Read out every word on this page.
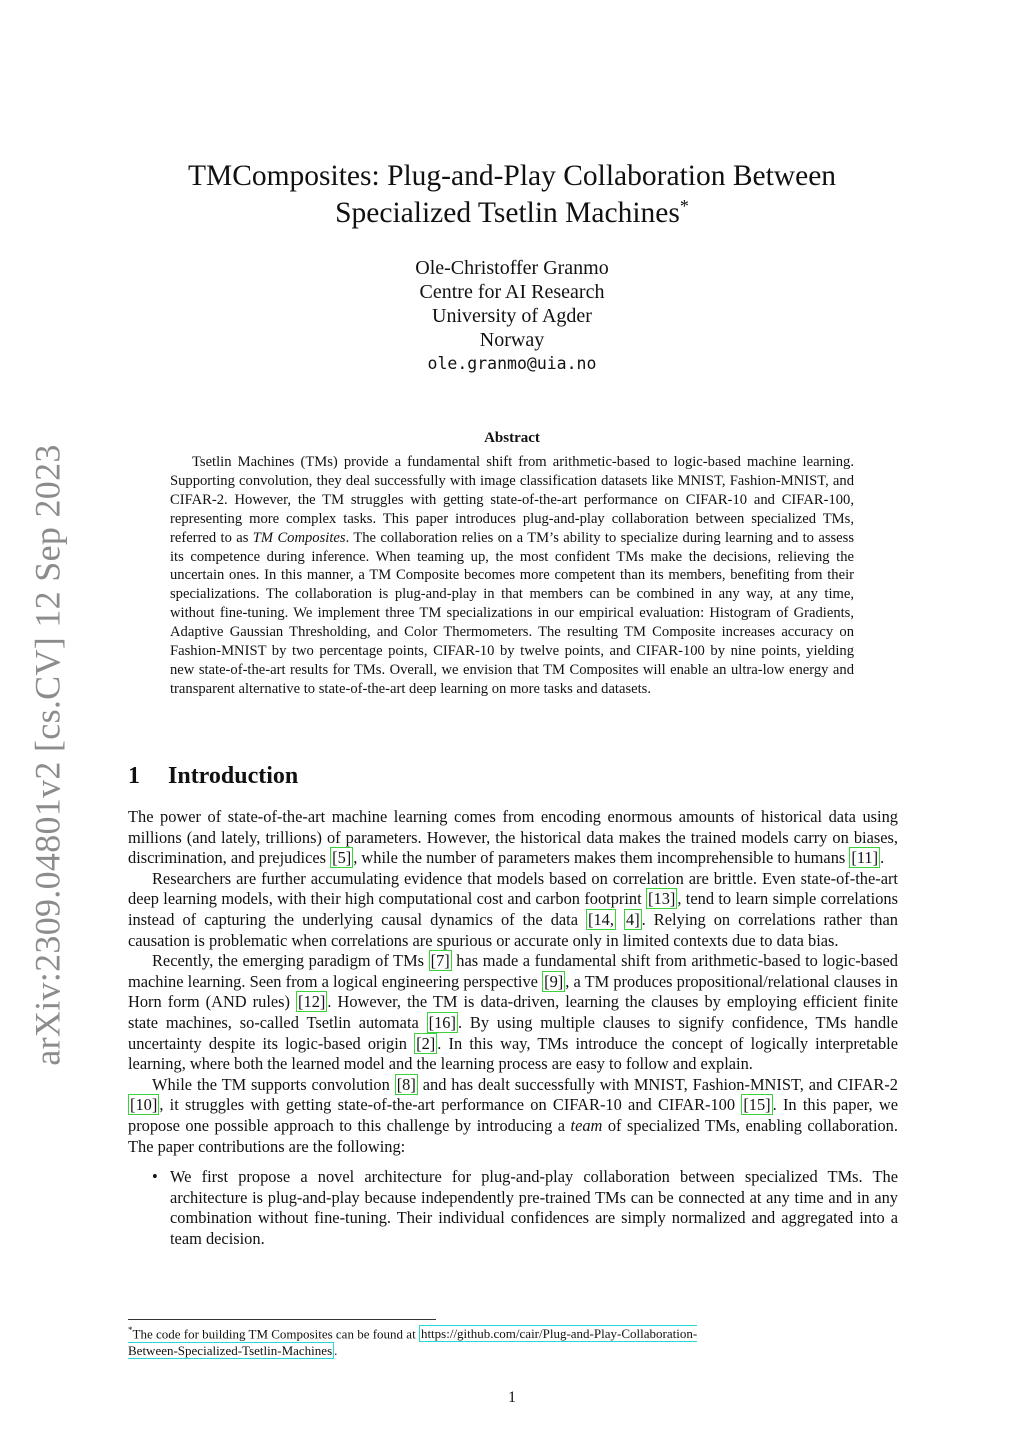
arXiv:2309.04801v2 [cs.CV] 12 Sep 2023
TMComposites: Plug-and-Play Collaboration Between
Specialized Tsetlin Machines*
Ole-Christoffer Granmo
Centre for AI Research
University of Agder
Norway
ole.granmo@uia.no
Abstract

Tsetlin Machines (TMs) provide a fundamental shift from arithmetic-based to logic-based machine learning. Supporting convolution, they deal successfully with image classification datasets like MNIST, Fashion-MNIST, and CIFAR-2. However, the TM struggles with getting state-of-the-art performance on CIFAR-10 and CIFAR-100, representing more complex tasks. This paper introduces plug-and-play collaboration between specialized TMs, referred to as TM Composites. The collaboration relies on a TM’s ability to specialize during learning and to assess its competence during inference. When teaming up, the most confident TMs make the decisions, relieving the uncertain ones. In this manner, a TM Composite becomes more competent than its members, benefiting from their specializations. The collaboration is plug-and-play in that members can be combined in any way, at any time, without fine-tuning. We implement three TM specializations in our empirical evaluation: Histogram of Gradients, Adaptive Gaussian Thresholding, and Color Thermometers. The resulting TM Composite increases accuracy on Fashion-MNIST by two percentage points, CIFAR-10 by twelve points, and CIFAR-100 by nine points, yielding new state-of-the-art results for TMs. Overall, we envision that TM Composites will enable an ultra-low energy and transparent alternative to state-of-the-art deep learning on more tasks and datasets.

1 Introduction

The power of state-of-the-art machine learning comes from encoding enormous amounts of historical data using millions (and lately, trillions) of parameters. However, the historical data makes the trained models carry on biases, discrimination, and prejudices [5] , while the number of parameters makes them incomprehensible to humans [11] .

Researchers are further accumulating evidence that models based on correlation are brittle. Even state-of-the-art deep learning models, with their high computational cost and carbon footprint [13] , tend to learn simple correlations instead of capturing the underlying causal dynamics of the data [14, 4] . Relying on correlations rather than causation is problematic when correlations are spurious or accurate only in limited contexts due to data bias.

Recently, the emerging paradigm of TMs [7] has made a fundamental shift from arithmetic-based to logic-based machine learning. Seen from a logical engineering perspective [9] , a TM produces propositional/relational clauses in Horn form (AND rules) [12] . However, the TM is data-driven, learning the clauses by employing efficient finite state machines, so-called Tsetlin automata [16] . By using multiple clauses to signify confidence, TMs handle uncertainty despite its logic-based origin [2] . In this way, TMs introduce the concept of logically interpretable learning, where both the learned model and the learning process are easy to follow and explain.

While the TM supports convolution [8] and has dealt successfully with MNIST, Fashion-MNIST, and CIFAR-2 [10] , it struggles with getting state-of-the-art performance on CIFAR-10 and CIFAR-100 [15] . In this paper, we propose one possible approach to this challenge by introducing a team of specialized TMs, enabling collaboration. The paper contributions are the following:

• We first propose a novel architecture for plug-and-play collaboration between specialized TMs. The architecture is plug-and-play because independently pre-trained TMs can be connected at any time and in any combination without fine-tuning. Their individual confidences are simply normalized and aggregated into a team decision.
*The code for building TM Composites can be found at https://github.com/cair/Plug-and-Play-Collaboration-
Between-Specialized-Tsetlin-Machines .
1
